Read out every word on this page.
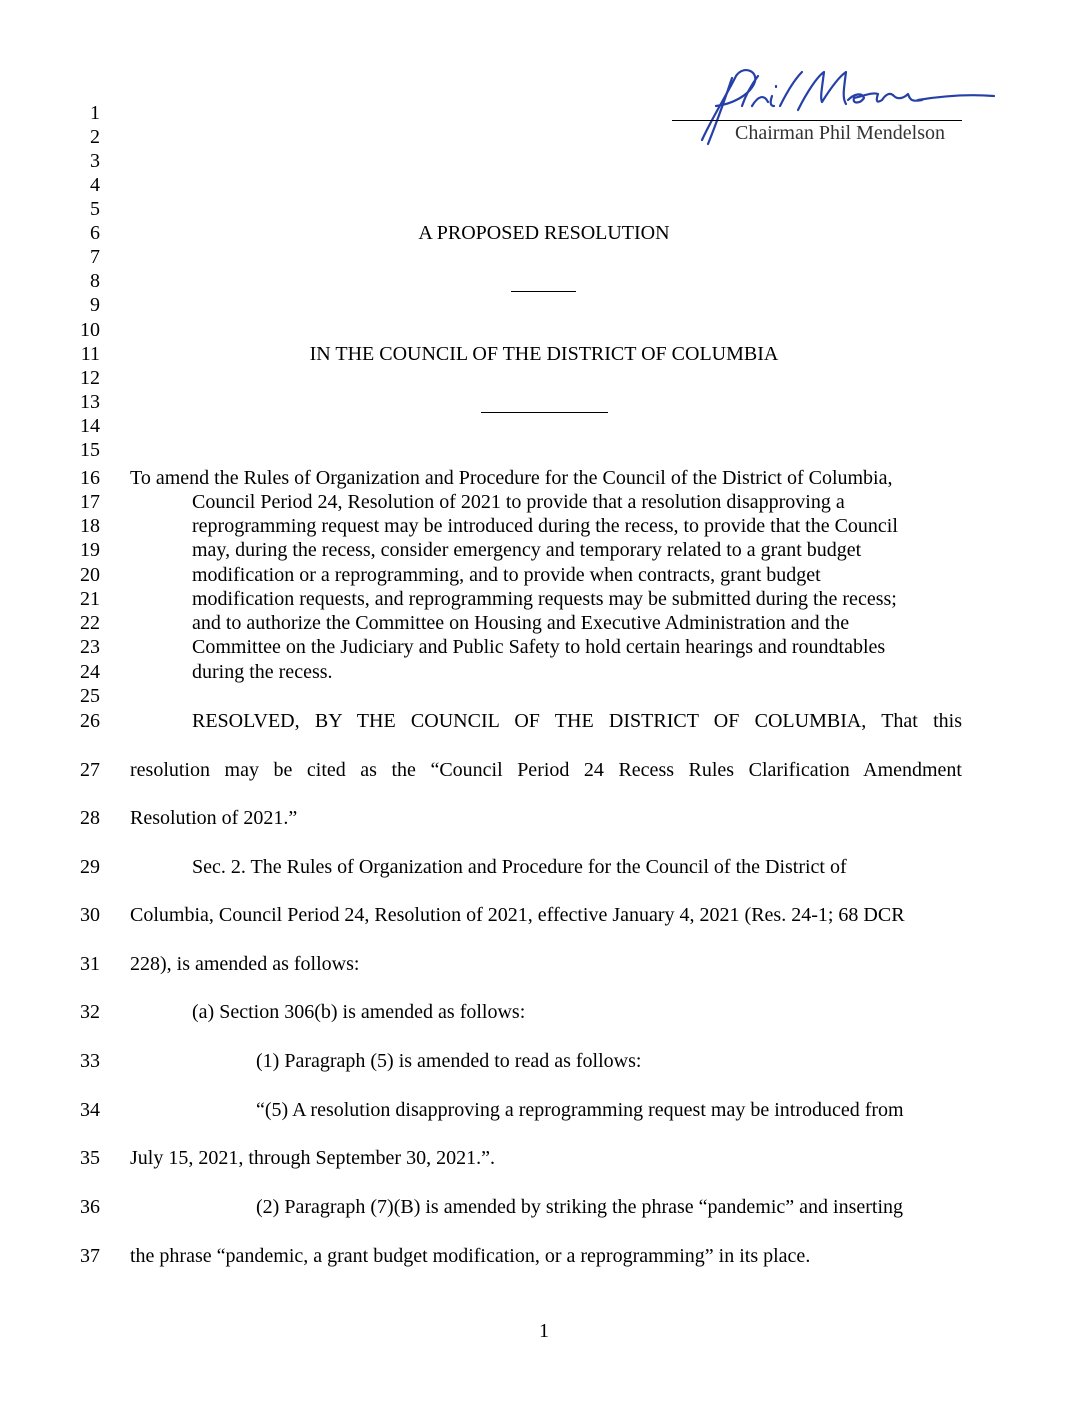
Chairman Phil Mendelson
1
2
3
4
5
6
7
8
9
10
11
12
13
14
15
16
17
18
19
20
21
22
23
24
25
26
27
28
29
30
31
32
33
34
35
36
37
A PROPOSED RESOLUTION
IN THE COUNCIL OF THE DISTRICT OF COLUMBIA
To amend the Rules of Organization and Procedure for the Council of the District of Columbia,
Council Period 24, Resolution of 2021 to provide that a resolution disapproving a
reprogramming request may be introduced during the recess, to provide that the Council
may, during the recess, consider emergency and temporary related to a grant budget
modification or a reprogramming, and to provide when contracts, grant budget
modification requests, and reprogramming requests may be submitted during the recess;
and to authorize the Committee on Housing and Executive Administration and the
Committee on the Judiciary and Public Safety to hold certain hearings and roundtables
during the recess.
RESOLVED, BY THE COUNCIL OF THE DISTRICT OF COLUMBIA, That this
resolution may be cited as the “Council Period 24 Recess Rules Clarification Amendment
Resolution of 2021.”
Sec. 2. The Rules of Organization and Procedure for the Council of the District of
Columbia, Council Period 24, Resolution of 2021, effective January 4, 2021 (Res. 24-1; 68 DCR
228), is amended as follows:
(a) Section 306(b) is amended as follows:
(1) Paragraph (5) is amended to read as follows:
“(5) A resolution disapproving a reprogramming request may be introduced from
July 15, 2021, through September 30, 2021.”.
(2) Paragraph (7)(B) is amended by striking the phrase “pandemic” and inserting
the phrase “pandemic, a grant budget modification, or a reprogramming” in its place.
1
